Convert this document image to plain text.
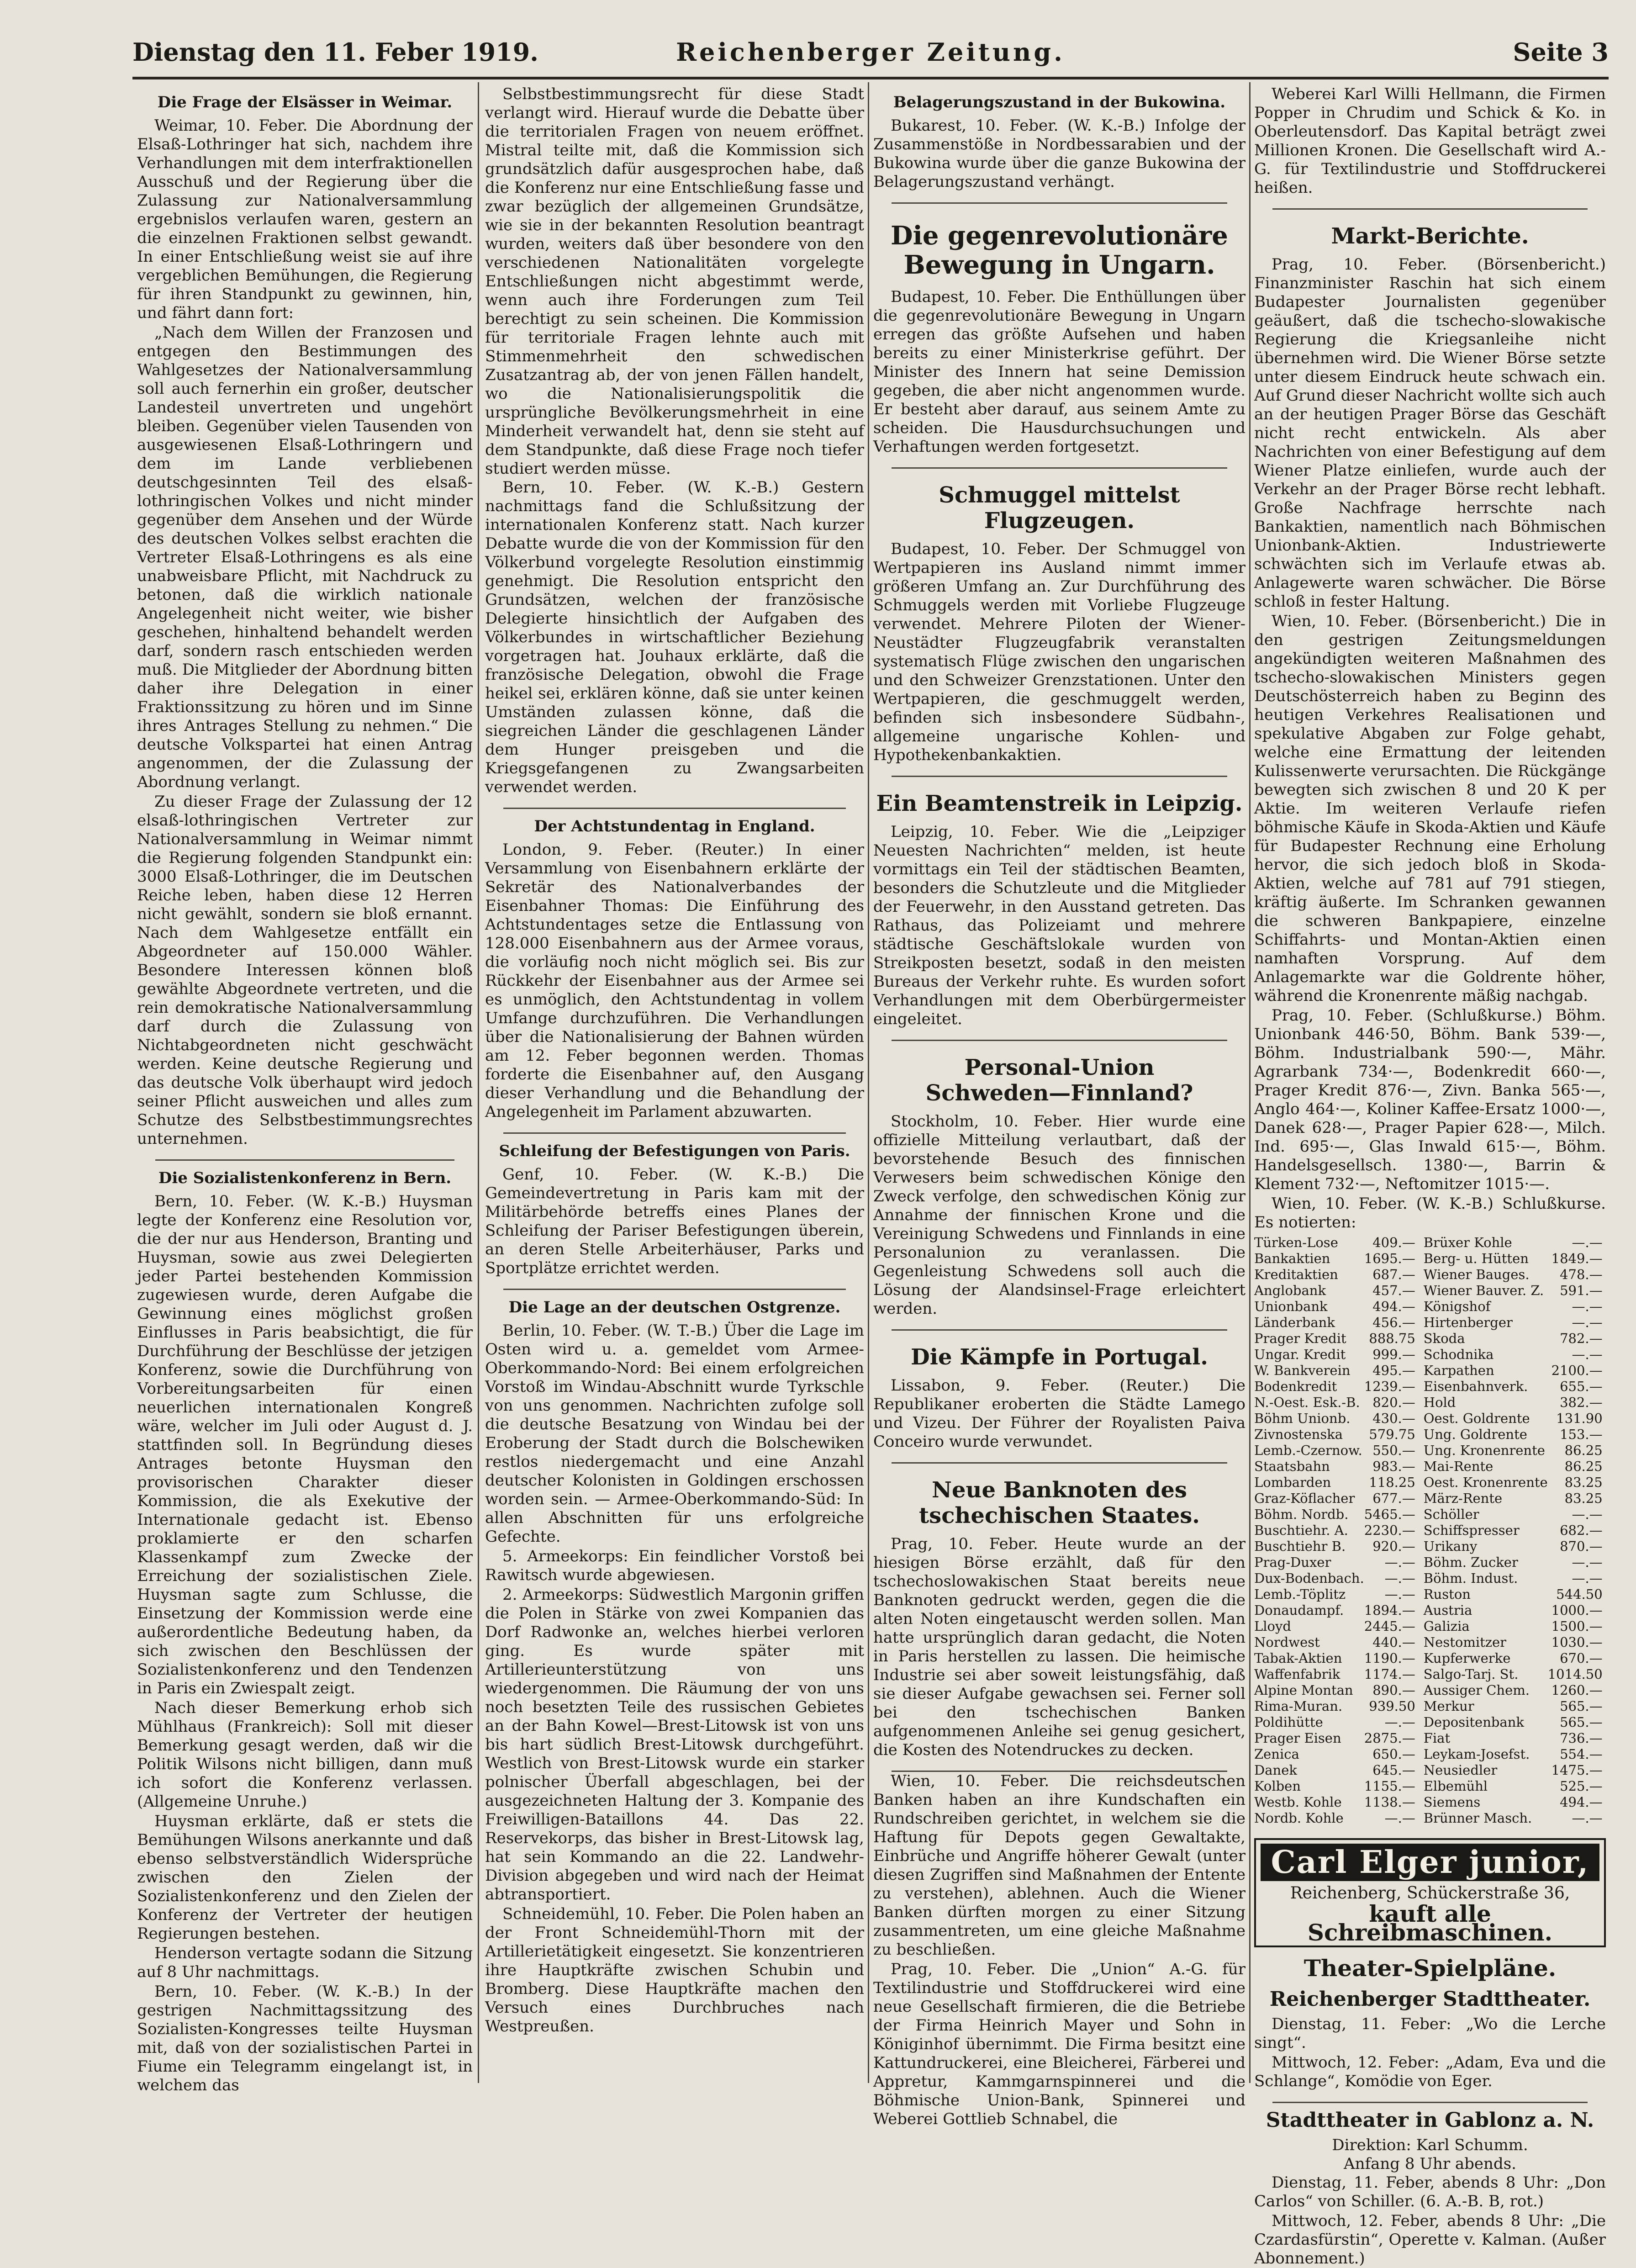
Dienstag den 11. Feber 1919.	Reichenberger Zeitung.	Seite 3
Die Frage der Elsässer in Weimar.

Weimar, 10. Feber. Die Abordnung der Elsaß-Lothringer hat sich, nachdem ihre Verhandlungen mit dem interfraktionellen Ausschuß und der Regierung über die Zulassung zur Nationalversammlung ergebnislos verlaufen waren, gestern an die einzelnen Fraktionen selbst gewandt. In einer Entschließung weist sie auf ihre vergeblichen Bemühungen, die Regierung für ihren Standpunkt zu gewinnen, hin, und fährt dann fort:

„Nach dem Willen der Franzosen und entgegen den Bestimmungen des Wahlgesetzes der Nationalversammlung soll auch fernerhin ein großer, deutscher Landesteil unvertreten und ungehört bleiben. Gegenüber vielen Tausenden von ausgewiesenen Elsaß-Lothringern und dem im Lande verbliebenen deutschgesinnten Teil des elsaß-lothringischen Volkes und nicht minder gegenüber dem Ansehen und der Würde des deutschen Volkes selbst erachten die Vertreter Elsaß-Lothringens es als eine unabweisbare Pflicht, mit Nachdruck zu betonen, daß die wirklich nationale Angelegenheit nicht weiter, wie bisher geschehen, hinhaltend behandelt werden darf, sondern rasch entschieden werden muß. Die Mitglieder der Abordnung bitten daher ihre Delegation in einer Fraktionssitzung zu hören und im Sinne ihres Antrages Stellung zu nehmen.“ Die deutsche Volkspartei hat einen Antrag angenommen, der die Zulassung der Abordnung verlangt.

Zu dieser Frage der Zulassung der 12 elsaß-lothringischen Vertreter zur Nationalversammlung in Weimar nimmt die Regierung folgenden Standpunkt ein: 3000 Elsaß-Lothringer, die im Deutschen Reiche leben, haben diese 12 Herren nicht gewählt, sondern sie bloß ernannt. Nach dem Wahlgesetze entfällt ein Abgeordneter auf 150.000 Wähler. Besondere Interessen können bloß gewählte Abgeordnete vertreten, und die rein demokratische Nationalversammlung darf durch die Zulassung von Nichtabgeordneten nicht geschwächt werden. Keine deutsche Regierung und das deutsche Volk überhaupt wird jedoch seiner Pflicht ausweichen und alles zum Schutze des Selbstbestimmungsrechtes unternehmen.

Die Sozialistenkonferenz in Bern.

Bern, 10. Feber. (W. K.-B.) Huysman legte der Konferenz eine Resolution vor, die der nur aus Henderson, Branting und Huysman, sowie aus zwei Delegierten jeder Partei bestehenden Kommission zugewiesen wurde, deren Aufgabe die Gewinnung eines möglichst großen Einflusses in Paris beabsichtigt, die für Durchführung der Beschlüsse der jetzigen Konferenz, sowie die Durchführung von Vorbereitungsarbeiten für einen neuerlichen internationalen Kongreß wäre, welcher im Juli oder August d. J. stattfinden soll. In Begründung dieses Antrages betonte Huysman den provisorischen Charakter dieser Kommission, die als Exekutive der Internationale gedacht ist. Ebenso proklamierte er den scharfen Klassenkampf zum Zwecke der Erreichung der sozialistischen Ziele. Huysman sagte zum Schlusse, die Einsetzung der Kommission werde eine außerordentliche Bedeutung haben, da sich zwischen den Beschlüssen der Sozialistenkonferenz und den Tendenzen in Paris ein Zwiespalt zeigt.

Nach dieser Bemerkung erhob sich Mühlhaus (Frankreich): Soll mit dieser Bemerkung gesagt werden, daß wir die Politik Wilsons nicht billigen, dann muß ich sofort die Konferenz verlassen. (Allgemeine Unruhe.)

Huysman erklärte, daß er stets die Bemühungen Wilsons anerkannte und daß ebenso selbstverständlich Widersprüche zwischen den Zielen der Sozialistenkonferenz und den Zielen der Konferenz der Vertreter der heutigen Regierungen bestehen.

Henderson vertagte sodann die Sitzung auf 8 Uhr nachmittags.

Bern, 10. Feber. (W. K.-B.) In der gestrigen Nachmittagssitzung des Sozialisten-Kongresses teilte Huysman mit, daß von der sozialistischen Partei in Fiume ein Telegramm eingelangt ist, in welchem das

Selbstbestimmungsrecht für diese Stadt verlangt wird. Hierauf wurde die Debatte über die territorialen Fragen von neuem eröffnet. Mistral teilte mit, daß die Kommission sich grundsätzlich dafür ausgesprochen habe, daß die Konferenz nur eine Entschließung fasse und zwar bezüglich der allgemeinen Grundsätze, wie sie in der bekannten Resolution beantragt wurden, weiters daß über besondere von den verschiedenen Nationalitäten vorgelegte Entschließungen nicht abgestimmt werde, wenn auch ihre Forderungen zum Teil berechtigt zu sein scheinen. Die Kommission für territoriale Fragen lehnte auch mit Stimmenmehrheit den schwedischen Zusatzantrag ab, der von jenen Fällen handelt, wo die Nationalisierungspolitik die ursprüngliche Bevölkerungsmehrheit in eine Minderheit verwandelt hat, denn sie steht auf dem Standpunkte, daß diese Frage noch tiefer studiert werden müsse.

Bern, 10. Feber. (W. K.-B.) Gestern nachmittags fand die Schlußsitzung der internationalen Konferenz statt. Nach kurzer Debatte wurde die von der Kommission für den Völkerbund vorgelegte Resolution einstimmig genehmigt. Die Resolution entspricht den Grundsätzen, welchen der französische Delegierte hinsichtlich der Aufgaben des Völkerbundes in wirtschaftlicher Beziehung vorgetragen hat. Jouhaux erklärte, daß die französische Delegation, obwohl die Frage heikel sei, erklären könne, daß sie unter keinen Umständen zulassen könne, daß die siegreichen Länder die geschlagenen Länder dem Hunger preisgeben und die Kriegsgefangenen zu Zwangsarbeiten verwendet werden.

Der Achtstundentag in England.

London, 9. Feber. (Reuter.) In einer Versammlung von Eisenbahnern erklärte der Sekretär des Nationalverbandes der Eisenbahner Thomas: Die Einführung des Achtstundentages setze die Entlassung von 128.000 Eisenbahnern aus der Armee voraus, die vorläufig noch nicht möglich sei. Bis zur Rückkehr der Eisenbahner aus der Armee sei es unmöglich, den Achtstundentag in vollem Umfange durchzuführen. Die Verhandlungen über die Nationalisierung der Bahnen würden am 12. Feber begonnen werden. Thomas forderte die Eisenbahner auf, den Ausgang dieser Verhandlung und die Behandlung der Angelegenheit im Parlament abzuwarten.

Schleifung der Befestigungen von Paris.

Genf, 10. Feber. (W. K.-B.) Die Gemeindevertretung in Paris kam mit der Militärbehörde betreffs eines Planes der Schleifung der Pariser Befestigungen überein, an deren Stelle Arbeiterhäuser, Parks und Sportplätze errichtet werden.

Die Lage an der deutschen Ostgrenze.

Berlin, 10. Feber. (W. T.-B.) Über die Lage im Osten wird u. a. gemeldet vom Armee-Oberkommando-Nord: Bei einem erfolgreichen Vorstoß im Windau-Abschnitt wurde Tyrkschle von uns genommen. Nachrichten zufolge soll die deutsche Besatzung von Windau bei der Eroberung der Stadt durch die Bolschewiken restlos niedergemacht und eine Anzahl deutscher Kolonisten in Goldingen erschossen worden sein. — Armee-Oberkommando-Süd: In allen Abschnitten für uns erfolgreiche Gefechte.

5. Armeekorps: Ein feindlicher Vorstoß bei Rawitsch wurde abgewiesen.

2. Armeekorps: Südwestlich Margonin griffen die Polen in Stärke von zwei Kompanien das Dorf Radwonke an, welches hierbei verloren ging. Es wurde später mit Artillerieunterstützung von uns wiedergenommen. Die Räumung der von uns noch besetzten Teile des russischen Gebietes an der Bahn Kowel—Brest-Litowsk ist von uns bis hart südlich Brest-Litowsk durchgeführt. Westlich von Brest-Litowsk wurde ein starker polnischer Überfall abgeschlagen, bei der ausgezeichneten Haltung der 3. Kompanie des Freiwilligen-Bataillons 44. Das 22. Reservekorps, das bisher in Brest-Litowsk lag, hat sein Kommando an die 22. Landwehr-Division abgegeben und wird nach der Heimat abtransportiert.

Schneidemühl, 10. Feber. Die Polen haben an der Front Schneidemühl-Thorn mit der Artillerietätigkeit eingesetzt. Sie konzentrieren ihre Hauptkräfte zwischen Schubin und Bromberg. Diese Hauptkräfte machen den Versuch eines Durchbruches nach Westpreußen.

Belagerungszustand in der Bukowina.

Bukarest, 10. Feber. (W. K.-B.) Infolge der Zusammenstöße in Nordbessarabien und der Bukowina wurde über die ganze Bukowina der Belagerungszustand verhängt.

Die gegenrevolutionäre Bewegung in Ungarn.

Budapest, 10. Feber. Die Enthüllungen über die gegenrevolutionäre Bewegung in Ungarn erregen das größte Aufsehen und haben bereits zu einer Ministerkrise geführt. Der Minister des Innern hat seine Demission gegeben, die aber nicht angenommen wurde. Er besteht aber darauf, aus seinem Amte zu scheiden. Die Hausdurchsuchungen und Verhaftungen werden fortgesetzt.

Schmuggel mittelst Flugzeugen.

Budapest, 10. Feber. Der Schmuggel von Wertpapieren ins Ausland nimmt immer größeren Umfang an. Zur Durchführung des Schmuggels werden mit Vorliebe Flugzeuge verwendet. Mehrere Piloten der Wiener-Neustädter Flugzeugfabrik veranstalten systematisch Flüge zwischen den ungarischen und den Schweizer Grenzstationen. Unter den Wertpapieren, die geschmuggelt werden, befinden sich insbesondere Südbahn-, allgemeine ungarische Kohlen- und Hypothekenbankaktien.

Ein Beamtenstreik in Leipzig.

Leipzig, 10. Feber. Wie die „Leipziger Neuesten Nachrichten“ melden, ist heute vormittags ein Teil der städtischen Beamten, besonders die Schutzleute und die Mitglieder der Feuerwehr, in den Ausstand getreten. Das Rathaus, das Polizeiamt und mehrere städtische Geschäftslokale wurden von Streikposten besetzt, sodaß in den meisten Bureaus der Verkehr ruhte. Es wurden sofort Verhandlungen mit dem Oberbürgermeister eingeleitet.

Personal-Union
Schweden—Finnland?

Stockholm, 10. Feber. Hier wurde eine offizielle Mitteilung verlautbart, daß der bevorstehende Besuch des finnischen Verwesers beim schwedischen Könige den Zweck verfolge, den schwedischen König zur Annahme der finnischen Krone und die Vereinigung Schwedens und Finnlands in eine Personalunion zu veranlassen. Die Gegenleistung Schwedens soll auch die Lösung der Alandsinsel-Frage erleichtert werden.

Die Kämpfe in Portugal.

Lissabon, 9. Feber. (Reuter.) Die Republikaner eroberten die Städte Lamego und Vizeu. Der Führer der Royalisten Paiva Conceiro wurde verwundet.

Neue Banknoten des
tschechischen Staates.

Prag, 10. Feber. Heute wurde an der hiesigen Börse erzählt, daß für den tschechoslowakischen Staat bereits neue Banknoten gedruckt werden, gegen die die alten Noten eingetauscht werden sollen. Man hatte ursprünglich daran gedacht, die Noten in Paris herstellen zu lassen. Die heimische Industrie sei aber soweit leistungsfähig, daß sie dieser Aufgabe gewachsen sei. Ferner soll bei den tschechischen Banken aufgenommenen Anleihe sei genug gesichert, die Kosten des Notendruckes zu decken.

Wien, 10. Feber. Die reichsdeutschen Banken haben an ihre Kundschaften ein Rundschreiben gerichtet, in welchem sie die Haftung für Depots gegen Gewaltakte, Einbrüche und Angriffe höherer Gewalt (unter diesen Zugriffen sind Maßnahmen der Entente zu verstehen), ablehnen. Auch die Wiener Banken dürften morgen zu einer Sitzung zusammentreten, um eine gleiche Maßnahme zu beschließen.

Prag, 10. Feber. Die „Union“ A.-G. für Textilindustrie und Stoffdruckerei wird eine neue Gesellschaft firmieren, die die Betriebe der Firma Heinrich Mayer und Sohn in Königinhof übernimmt. Die Firma besitzt eine Kattundruckerei, eine Bleicherei, Färberei und Appretur, Kammgarnspinnerei und die Böhmische Union-Bank, Spinnerei und Weberei Gottlieb Schnabel, die

Weberei Karl Willi Hellmann, die Firmen Popper in Chrudim und Schick & Ko. in Oberleutensdorf. Das Kapital beträgt zwei Millionen Kronen. Die Gesellschaft wird A.-G. für Textilindustrie und Stoffdruckerei heißen.

Markt-Berichte.

Prag, 10. Feber. (Börsenbericht.) Finanzminister Raschin hat sich einem Budapester Journalisten gegenüber geäußert, daß die tschecho-slowakische Regierung die Kriegsanleihe nicht übernehmen wird. Die Wiener Börse setzte unter diesem Eindruck heute schwach ein. Auf Grund dieser Nachricht wollte sich auch an der heutigen Prager Börse das Geschäft nicht recht entwickeln. Als aber Nachrichten von einer Befestigung auf dem Wiener Platze einliefen, wurde auch der Verkehr an der Prager Börse recht lebhaft. Große Nachfrage herrschte nach Bankaktien, namentlich nach Böhmischen Unionbank-Aktien. Industriewerte schwächten sich im Verlaufe etwas ab. Anlagewerte waren schwächer. Die Börse schloß in fester Haltung.

Wien, 10. Feber. (Börsenbericht.) Die in den gestrigen Zeitungsmeldungen angekündigten weiteren Maßnahmen des tschecho-slowakischen Ministers gegen Deutschösterreich haben zu Beginn des heutigen Verkehres Realisationen und spekulative Abgaben zur Folge gehabt, welche eine Ermattung der leitenden Kulissenwerte verursachten. Die Rückgänge bewegten sich zwischen 8 und 20 K per Aktie. Im weiteren Verlaufe riefen böhmische Käufe in Skoda-Aktien und Käufe für Budapester Rechnung eine Erholung hervor, die sich jedoch bloß in Skoda-Aktien, welche auf 781 auf 791 stiegen, kräftig äußerte. Im Schranken gewannen die schweren Bankpapiere, einzelne Schiffahrts- und Montan-Aktien einen namhaften Vorsprung. Auf dem Anlagemarkte war die Goldrente höher, während die Kronenrente mäßig nachgab.

Prag, 10. Feber. (Schlußkurse.) Böhm. Unionbank 446·50, Böhm. Bank 539·—, Böhm. Industrialbank 590·—, Mähr. Agrarbank 734·—, Bodenkredit 660·—, Prager Kredit 876·—, Zivn. Banka 565·—, Anglo 464·—, Koliner Kaffee-Ersatz 1000·—, Danek 628·—, Prager Papier 628·—, Milch. Ind. 695·—, Glas Inwald 615·—, Böhm. Handelsgesellsch. 1380·—, Barrin & Klement 732·—, Neftomitzer 1015·—.

Wien, 10. Feber. (W. K.-B.) Schlußkurse. Es notierten:

Türken-Lose	409.—	Brüxer Kohle	—.—
Bankaktien	1695.—	Berg- u. Hütten	1849.—
Kreditaktien	687.—	Wiener Bauges.	478.—
Anglobank	457.—	Wiener Bauver. Z.	591.—
Unionbank	494.—	Königshof	—.—
Länderbank	456.—	Hirtenberger	—.—
Prager Kredit	888.75	Skoda	782.—
Ungar. Kredit	999.—	Schodnika	—.—
W. Bankverein	495.—	Karpathen	2100.—
Bodenkredit	1239.—	Eisenbahnverk.	655.—
N.-Oest. Esk.-B.	820.—	Hold	382.—
Böhm Unionb.	430.—	Oest. Goldrente	131.90
Zivnostenska	579.75	Ung. Goldrente	153.—
Lemb.-Czernow.	550.—	Ung. Kronenrente	86.25
Staatsbahn	983.—	Mai-Rente	86.25
Lombarden	118.25	Oest. Kronenrente	83.25
Graz-Köflacher	677.—	März-Rente	83.25
Böhm. Nordb.	5465.—	Schöller	—.—
Buschtiehr. A.	2230.—	Schiffspresser	682.—
Buschtiehr B.	920.—	Urikany	870.—
Prag-Duxer	—.—	Böhm. Zucker	—.—
Dux-Bodenbach.	—.—	Böhm. Indust.	—.—
Lemb.-Töplitz	—.—	Ruston	544.50
Donaudampf.	1894.—	Austria	1000.—
Lloyd	2445.—	Galizia	1500.—
Nordwest	440.—	Nestomitzer	1030.—
Tabak-Aktien	1190.—	Kupferwerke	670.—
Waffenfabrik	1174.—	Salgo-Tarj. St.	1014.50
Alpine Montan	890.—	Aussiger Chem.	1260.—
Rima-Muran.	939.50	Merkur	565.—
Poldihütte	—.—	Depositenbank	565.—
Prager Eisen	2875.—	Fiat	736.—
Zenica	650.—	Leykam-Josefst.	554.—
Danek	645.—	Neusiedler	1475.—
Kolben	1155.—	Elbemühl	525.—
Westb. Kohle	1138.—	Siemens	494.—
Nordb. Kohle	—.—	Brünner Masch.	—.—
Carl Elger junior,
Reichenberg, Schückerstraße 36,
kauft alle Schreibmaschinen.
Theater-Spielpläne.
Reichenberger Stadttheater.

Dienstag, 11. Feber: „Wo die Lerche singt“.

Mittwoch, 12. Feber: „Adam, Eva und die Schlange“, Komödie von Eger.

Stadttheater in Gablonz a. N.
Direktion: Karl Schumm.
Anfang 8 Uhr abends.

Dienstag, 11. Feber, abends 8 Uhr: „Don Carlos“ von Schiller. (6. A.-B. B, rot.)

Mittwoch, 12. Feber, abends 8 Uhr: „Die Czardasfürstin“, Operette v. Kalman. (Außer Abonnement.)
